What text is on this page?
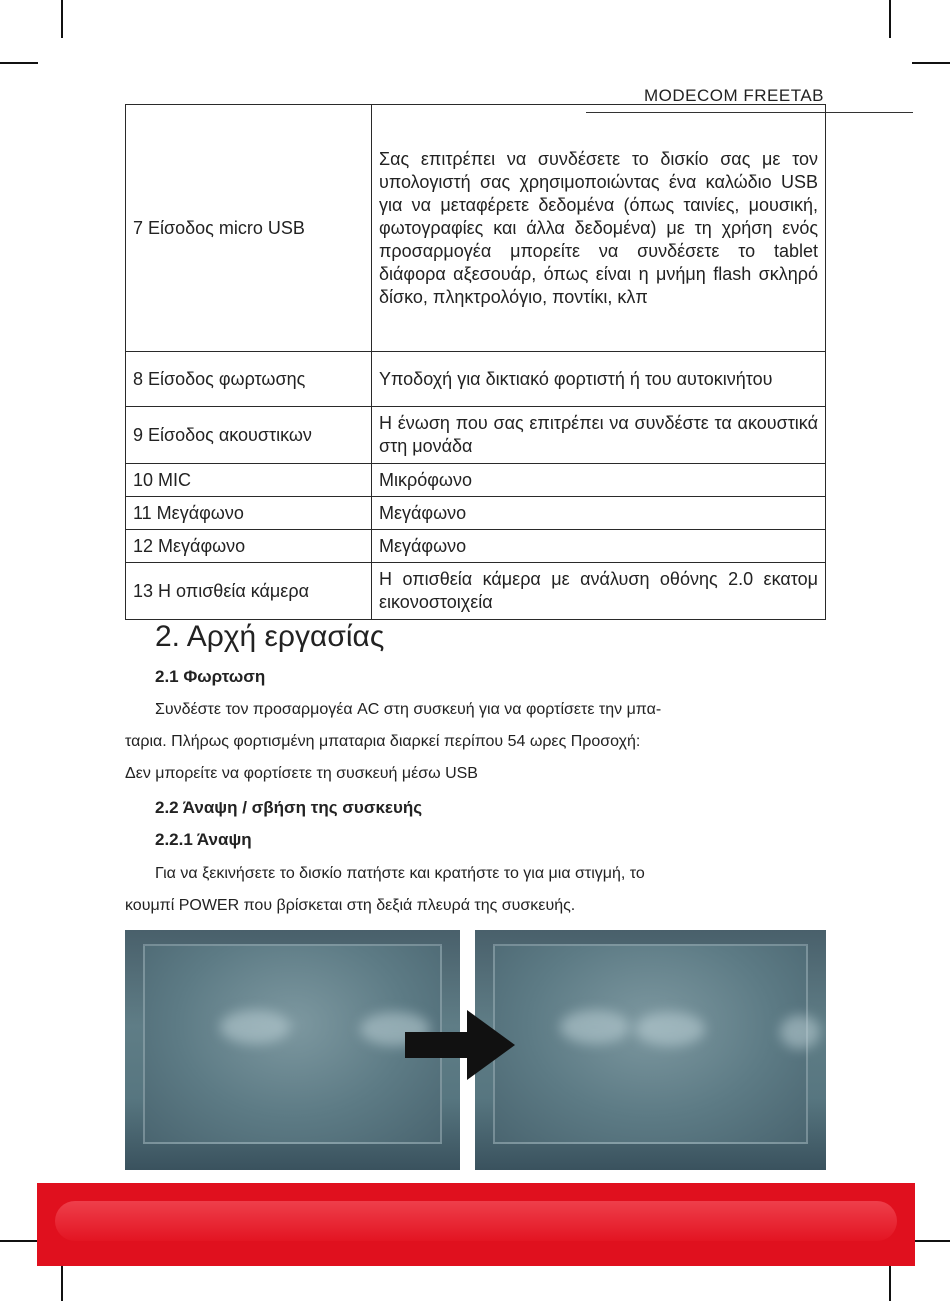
MODECOM FREETAB
7 Είσοδος micro USB	Σας επιτρέπει να συνδέσετε το δισκίο σας με τον υπολογιστή σας χρησιμοποιώντας ένα καλώδιο USB για να μεταφέρετε δεδομένα (όπως ταινίες, μουσική, φωτογραφίες και άλλα δεδομένα) με τη χρήση ενός προσαρμογέα μπορείτε να συνδέσετε το tablet διάφορα αξεσουάρ, όπως είναι η μνήμη flash σκληρό δίσκο, πληκτρολόγιο, ποντίκι, κλπ
8 Είσοδος φωρτωσης	Υποδοχή για δικτιακό φορτιστή ή του αυτοκινήτου
9 Είσοδος ακουστικων	Η ένωση που σας επιτρέπει να συνδέστε τα ακουστικά στη μονάδα
10 MIC	Μικρόφωνο
11 Μεγάφωνο	Μεγάφωνο
12 Μεγάφωνο	Μεγάφωνο
13 Η οπισθεία κάμερα	Η οπισθεία κάμερα με ανάλυση οθόνης 2.0 εκατομ εικονοστοιχεία
2. Αρχή εργασίας
2.1 Φωρτωση
Συνδέστε τον προσαρμογέα AC στη συσκευή για να φορτίσετε την μπα-
ταρια. Πλήρως φορτισμένη μπαταρια διαρκεί περίπου 54 ωρες Προσοχή:
Δεν μπορείτε να φορτίσετε τη συσκευή μέσω USB
2.2 Άναψη / σβήση της συσκευής
2.2.1 Άναψη
Για να ξεκινήσετε το δισκίο πατήστε και κρατήστε το για μια στιγμή, το
κουμπί POWER που βρίσκεται στη δεξιά πλευρά της συσκευής.
